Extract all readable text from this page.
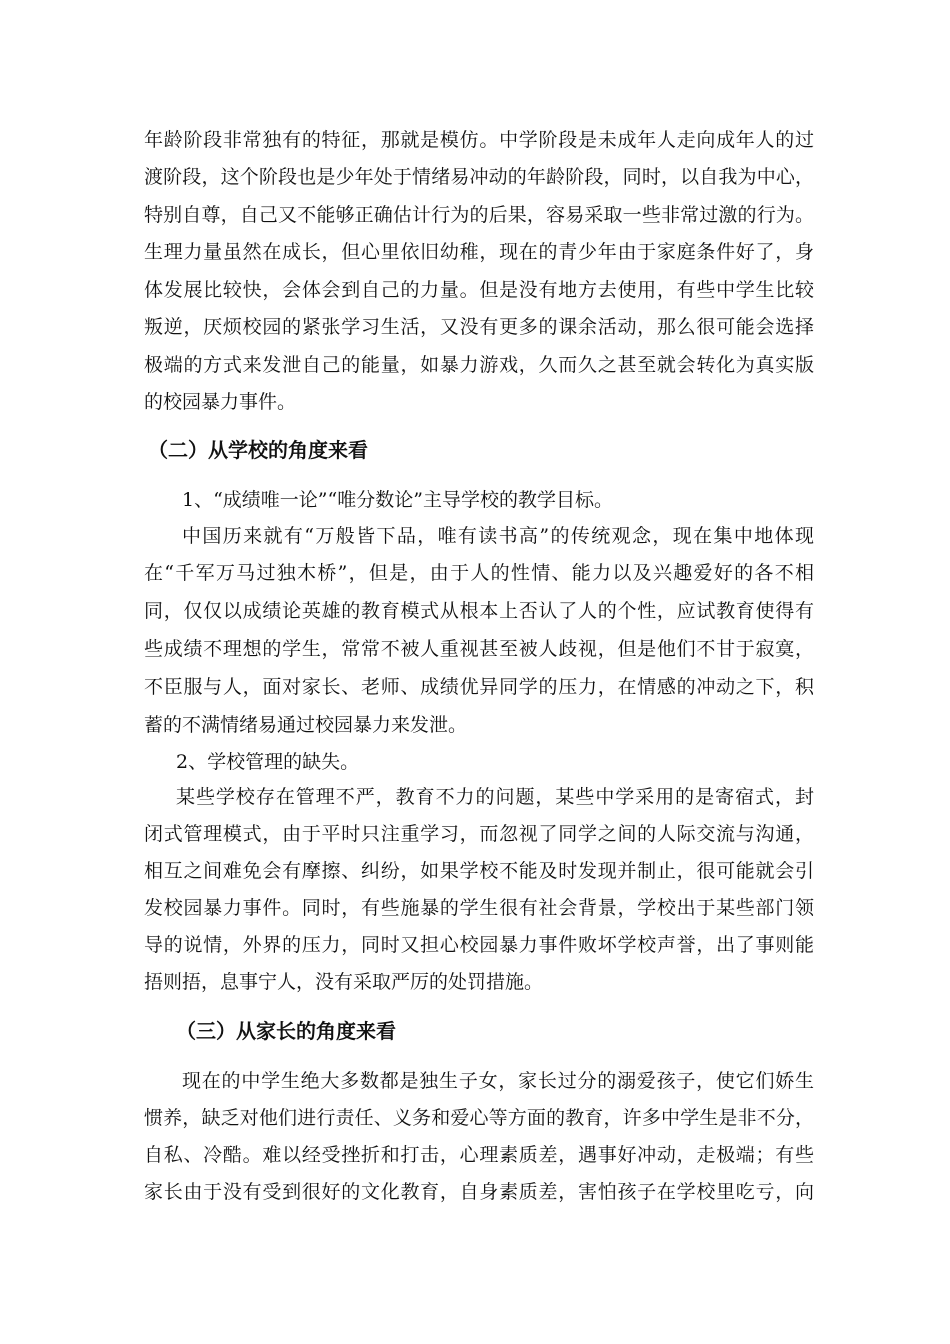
年龄阶段非常独有的特征，那就是模仿。中学阶段是未成年人走向成年人的过
渡阶段，这个阶段也是少年处于情绪易冲动的年龄阶段，同时，以自我为中心，
特别自尊，自己又不能够正确估计行为的后果，容易采取一些非常过激的行为。
生理力量虽然在成长，但心里依旧幼稚，现在的青少年由于家庭条件好了，身
体发展比较快，会体会到自己的力量。但是没有地方去使用，有些中学生比较
叛逆，厌烦校园的紧张学习生活，又没有更多的课余活动，那么很可能会选择
极端的方式来发泄自己的能量，如暴力游戏，久而久之甚至就会转化为真实版
的校园暴力事件。
（二）从学校的角度来看
1、“成绩唯一论”“唯分数论”主导学校的教学目标。
中国历来就有“万般皆下品，唯有读书高”的传统观念，现在集中地体现
在“千军万马过独木桥”，但是，由于人的性情、能力以及兴趣爱好的各不相
同，仅仅以成绩论英雄的教育模式从根本上否认了人的个性，应试教育使得有
些成绩不理想的学生，常常不被人重视甚至被人歧视，但是他们不甘于寂寞，
不臣服与人，面对家长、老师、成绩优异同学的压力，在情感的冲动之下，积
蓄的不满情绪易通过校园暴力来发泄。
2、学校管理的缺失。
某些学校存在管理不严，教育不力的问题，某些中学采用的是寄宿式，封
闭式管理模式，由于平时只注重学习，而忽视了同学之间的人际交流与沟通，
相互之间难免会有摩擦、纠纷，如果学校不能及时发现并制止，很可能就会引
发校园暴力事件。同时，有些施暴的学生很有社会背景，学校出于某些部门领
导的说情，外界的压力，同时又担心校园暴力事件败坏学校声誉，出了事则能
捂则捂，息事宁人，没有采取严厉的处罚措施。
（三）从家长的角度来看
现在的中学生绝大多数都是独生子女，家长过分的溺爱孩子，使它们娇生
惯养，缺乏对他们进行责任、义务和爱心等方面的教育，许多中学生是非不分，
自私、冷酷。难以经受挫折和打击，心理素质差，遇事好冲动，走极端；有些
家长由于没有受到很好的文化教育，自身素质差，害怕孩子在学校里吃亏，向
